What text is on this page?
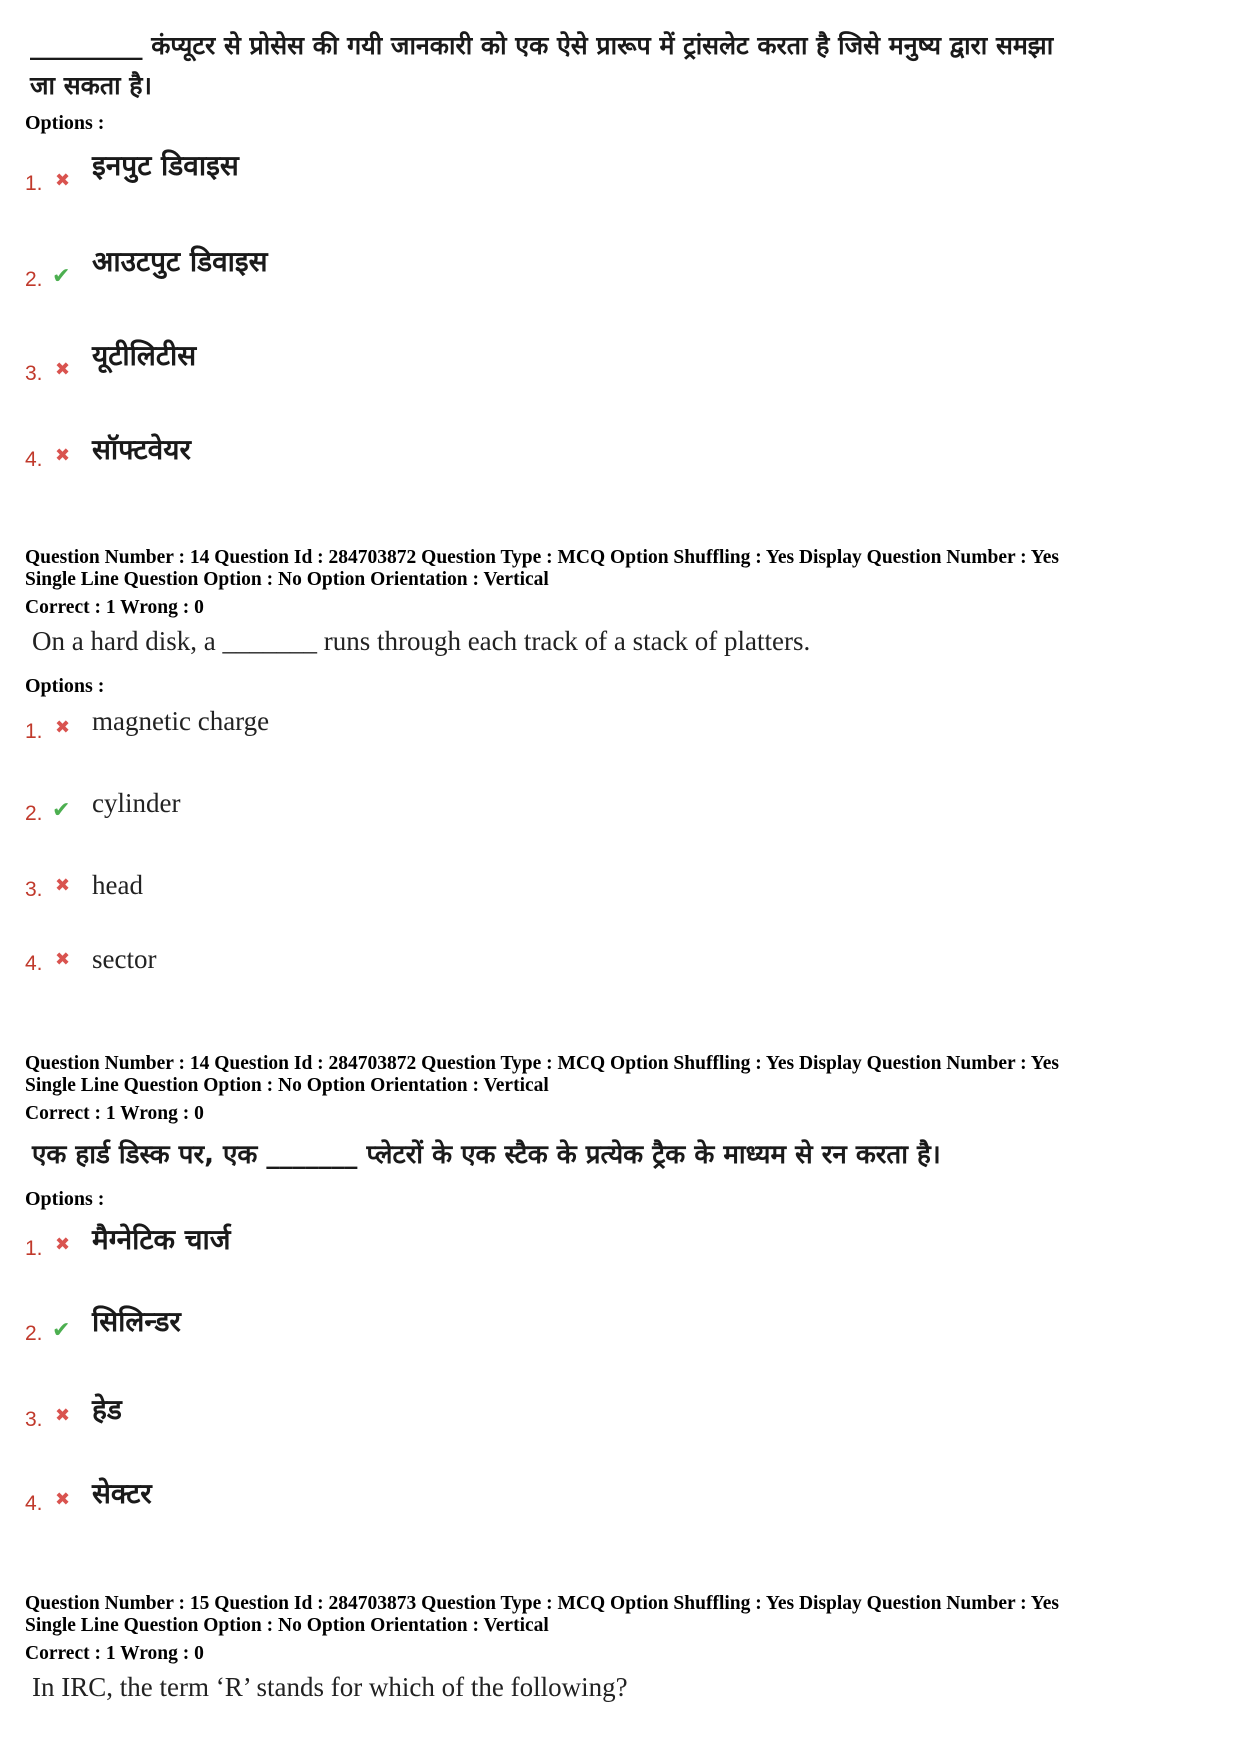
_________ कंप्यूटर से प्रोसेस की गयी जानकारी को एक ऐसे प्रारूप में ट्रांसलेट करता है जिसे मनुष्य द्वारा समझा
जा सकता है।
Options :
1. ✖ इनपुट डिवाइस
2. ✔ आउटपुट डिवाइस
3. ✖ यूटीलिटीस
4. ✖ सॉफ्टवेयर
Question Number : 14 Question Id : 284703872 Question Type : MCQ Option Shuffling : Yes Display Question Number : Yes
Single Line Question Option : No Option Orientation : Vertical
Correct : 1 Wrong : 0
On a hard disk, a _______ runs through each track of a stack of platters.
Options :
1. ✖ magnetic charge
2. ✔ cylinder
3. ✖ head
4. ✖ sector
Question Number : 14 Question Id : 284703872 Question Type : MCQ Option Shuffling : Yes Display Question Number : Yes
Single Line Question Option : No Option Orientation : Vertical
Correct : 1 Wrong : 0
एक हार्ड डिस्क पर, एक _______ प्लेटरों के एक स्टैक के प्रत्येक ट्रैक के माध्यम से रन करता है।
Options :
1. ✖ मैग्नेटिक चार्ज
2. ✔ सिलिन्डर
3. ✖ हेड
4. ✖ सेक्टर
Question Number : 15 Question Id : 284703873 Question Type : MCQ Option Shuffling : Yes Display Question Number : Yes
Single Line Question Option : No Option Orientation : Vertical
Correct : 1 Wrong : 0
In IRC, the term ‘R’ stands for which of the following?
